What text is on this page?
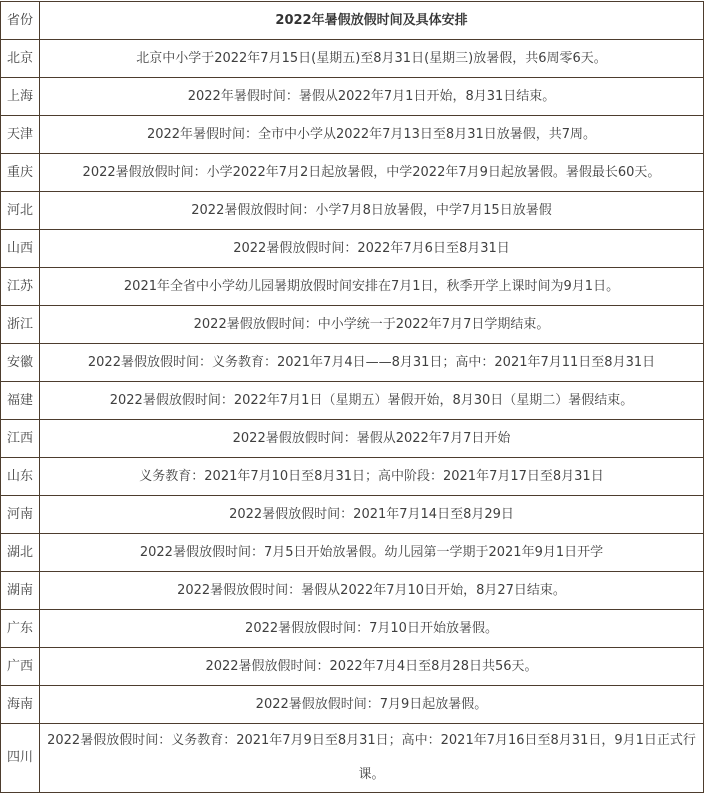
省份	2022年暑假放假时间及具体安排
北京	北京中小学于2022年7月15日(星期五)至8月31日(星期三)放暑假，共6周零6天。
上海	2022年暑假时间：暑假从2022年7月1日开始，8月31日结束。
天津	2022年暑假时间：全市中小学从2022年7月13日至8月31日放暑假，共7周。
重庆	2022暑假放假时间：小学2022年7月2日起放暑假，中学2022年7月9日起放暑假。暑假最长60天。
河北	2022暑假放假时间：小学7月8日放暑假，中学7月15日放暑假
山西	2022暑假放假时间：2022年7月6日至8月31日
江苏	2021年全省中小学幼儿园暑期放假时间安排在7月1日，秋季开学上课时间为9月1日。
浙江	2022暑假放假时间：中小学统一于2022年7月7日学期结束。
安徽	2022暑假放假时间：义务教育：2021年7月4日——8月31日；高中：2021年7月11日至8月31日
福建	2022暑假放假时间：2022年7月1日（星期五）暑假开始，8月30日（星期二）暑假结束。
江西	2022暑假放假时间：暑假从2022年7月7日开始
山东	义务教育：2021年7月10日至8月31日；高中阶段：2021年7月17日至8月31日
河南	2022暑假放假时间：2021年7月14日至8月29日
湖北	2022暑假放假时间：7月5日开始放暑假。幼儿园第一学期于2021年9月1日开学
湖南	2022暑假放假时间：暑假从2022年7月10日开始，8月27日结束。
广东	2022暑假放假时间：7月10日开始放暑假。
广西	2022暑假放假时间：2022年7月4日至8月28日共56天。
海南	2022暑假放假时间：7月9日起放暑假。
四川	2022暑假放假时间：义务教育：2021年7月9日至8月31日；高中：2021年7月16日至8月31日，9月1日正式行课。
